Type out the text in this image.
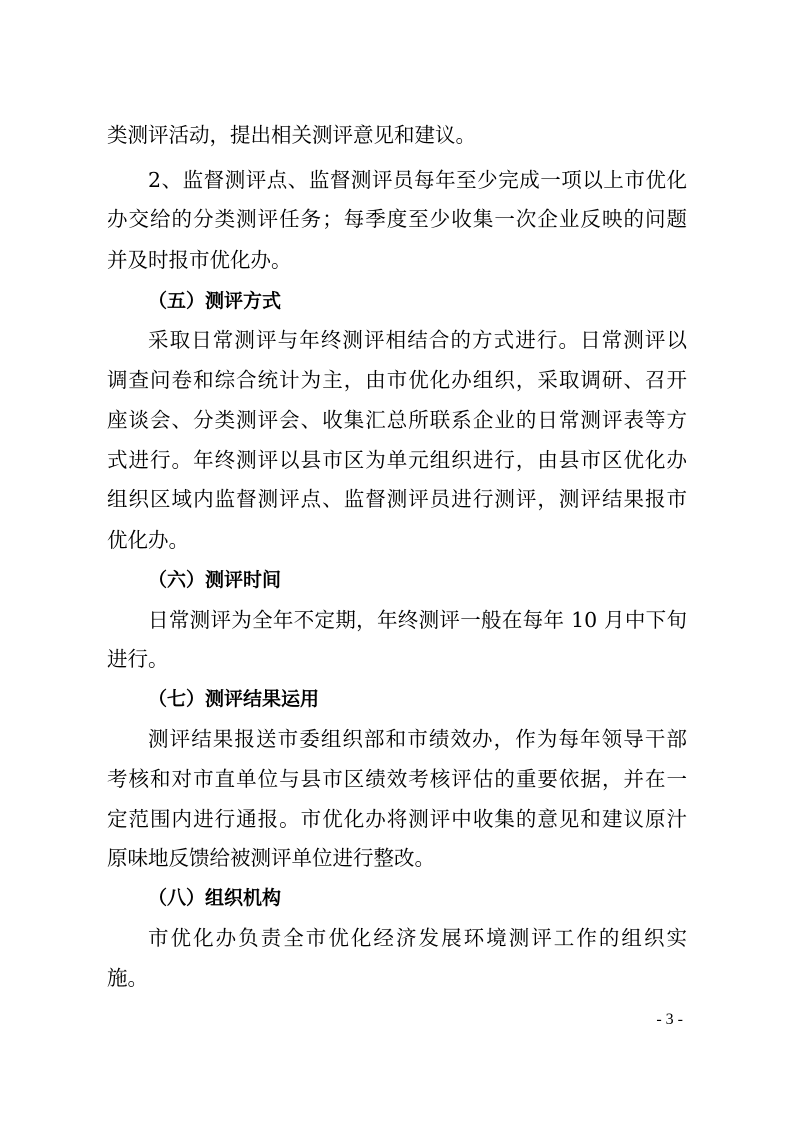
类测评活动，提出相关测评意见和建议。
2、监督测评点、监督测评员每年至少完成一项以上市优化
办交给的分类测评任务；每季度至少收集一次企业反映的问题
并及时报市优化办。
（五）测评方式
采取日常测评与年终测评相结合的方式进行。日常测评以
调查问卷和综合统计为主，由市优化办组织，采取调研、召开
座谈会、分类测评会、收集汇总所联系企业的日常测评表等方
式进行。年终测评以县市区为单元组织进行，由县市区优化办
组织区域内监督测评点、监督测评员进行测评，测评结果报市
优化办。
（六）测评时间
日常测评为全年不定期，年终测评一般在每年 10 月中下旬
进行。
（七）测评结果运用
测评结果报送市委组织部和市绩效办，作为每年领导干部
考核和对市直单位与县市区绩效考核评估的重要依据，并在一
定范围内进行通报。市优化办将测评中收集的意见和建议原汁
原味地反馈给被测评单位进行整改。
（八）组织机构
市优化办负责全市优化经济发展环境测评工作的组织实
施。
- 3 -
